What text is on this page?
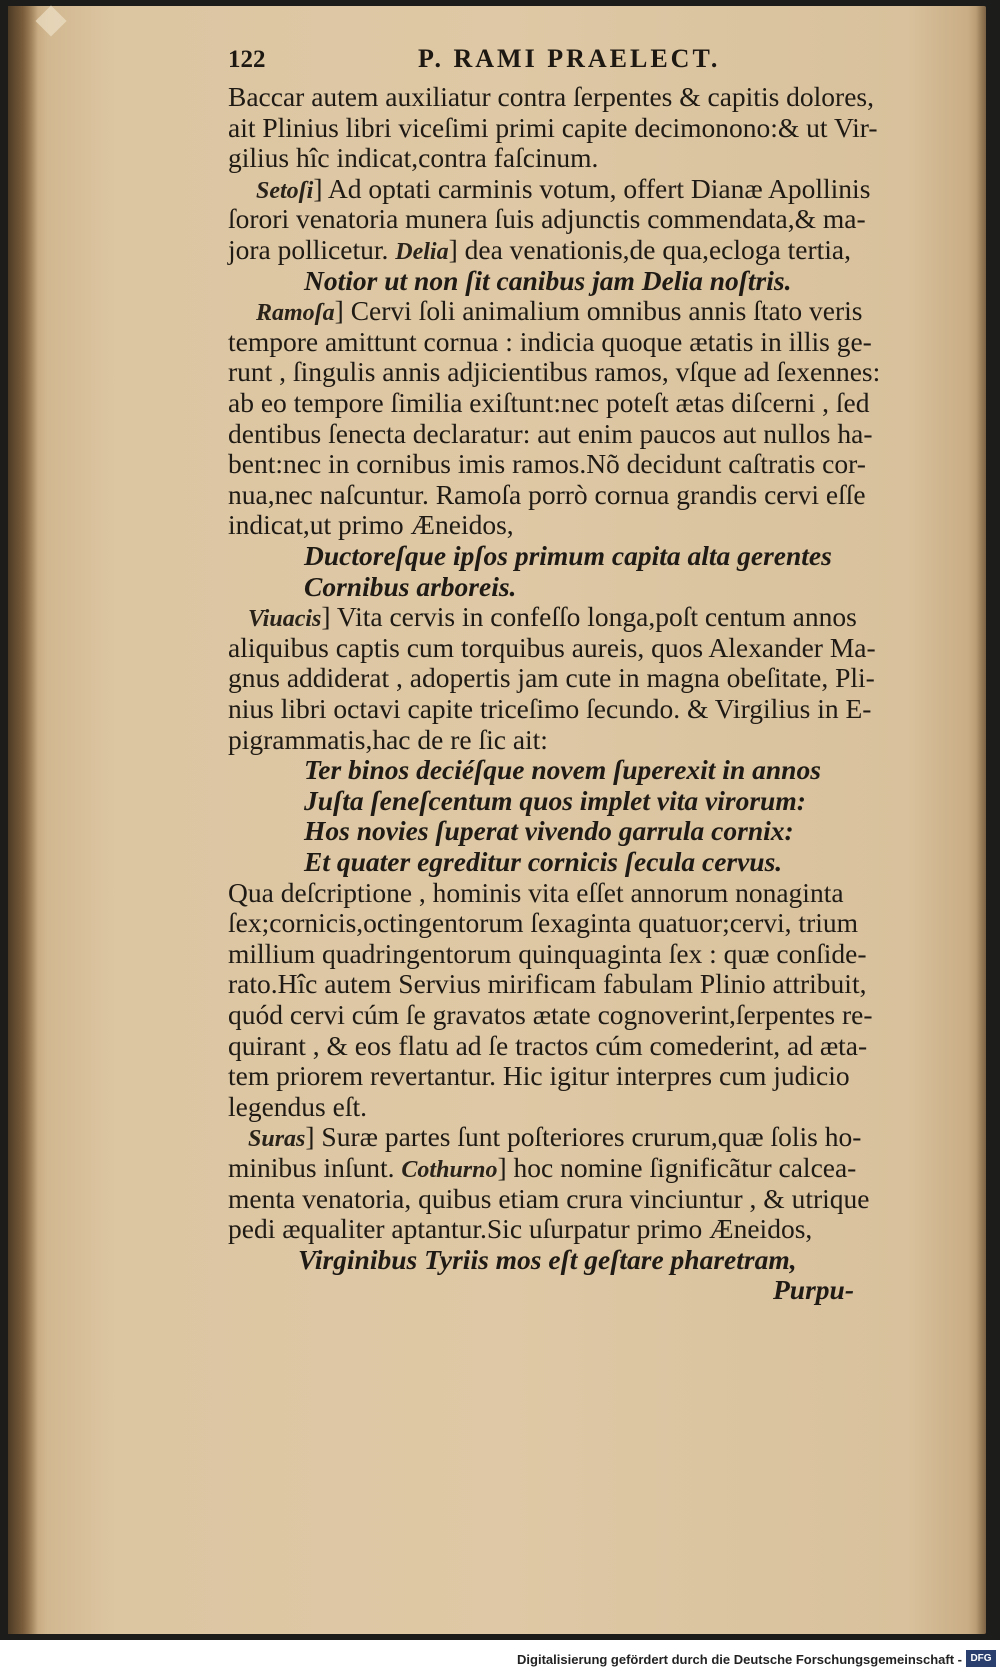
122	P. RAMI PRAELECT.
Baccar autem auxiliatur contra ſerpentes & capitis dolores,
ait Plinius libri viceſimi primi capite decimonono:& ut Vir-
gilius hîc indicat,contra faſcinum.
Setoſi] Ad optati carminis votum, offert Dianæ Apollinis
ſorori venatoria munera ſuis adjunctis commendata,& ma-
jora pollicetur. Delia] dea venationis,de qua,ecloga tertia,
Notior ut non ſit canibus jam Delia noſtris.
Ramoſa] Cervi ſoli animalium omnibus annis ſtato veris
tempore amittunt cornua : indicia quoque ætatis in illis ge-
runt , ſingulis annis adjicientibus ramos, vſque ad ſexennes:
ab eo tempore ſimilia exiſtunt:nec poteſt ætas diſcerni , ſed
dentibus ſenecta declaratur: aut enim paucos aut nullos ha-
bent:nec in cornibus imis ramos.Nõ decidunt caſtratis cor-
nua,nec naſcuntur. Ramoſa porrò cornua grandis cervi eſſe
indicat,ut primo Æneidos,
Ductoreſque ipſos primum capita alta gerentes
Cornibus arboreis.
Viuacis] Vita cervis in confeſſo longa,poſt centum annos
aliquibus captis cum torquibus aureis, quos Alexander Ma-
gnus addiderat , adopertis jam cute in magna obeſitate, Pli-
nius libri octavi capite triceſimo ſecundo. & Virgilius in E-
pigrammatis,hac de re ſic ait:
Ter binos deciéſque novem ſuperexit in annos
Juſta ſeneſcentum quos implet vita virorum:
Hos novies ſuperat vivendo garrula cornix:
Et quater egreditur cornicis ſecula cervus.
Qua deſcriptione , hominis vita eſſet annorum nonaginta
ſex;cornicis,octingentorum ſexaginta quatuor;cervi, trium
millium quadringentorum quinquaginta ſex : quæ conſide-
rato.Hîc autem Servius mirificam fabulam Plinio attribuit,
quód cervi cúm ſe gravatos ætate cognoverint,ſerpentes re-
quirant , & eos flatu ad ſe tractos cúm comederint, ad æta-
tem priorem revertantur. Hic igitur interpres cum judicio
legendus eſt.
Suras] Suræ partes ſunt poſteriores crurum,quæ ſolis ho-
minibus inſunt. Cothurno] hoc nomine ſignificãtur calcea-
menta venatoria, quibus etiam crura vinciuntur , & utrique
pedi æqualiter aptantur.Sic uſurpatur primo Æneidos,
Virginibus Tyriis mos eſt geſtare pharetram,
Purpu-
Digitalisierung gefördert durch die Deutsche Forschungsgemeinschaft - DFG
